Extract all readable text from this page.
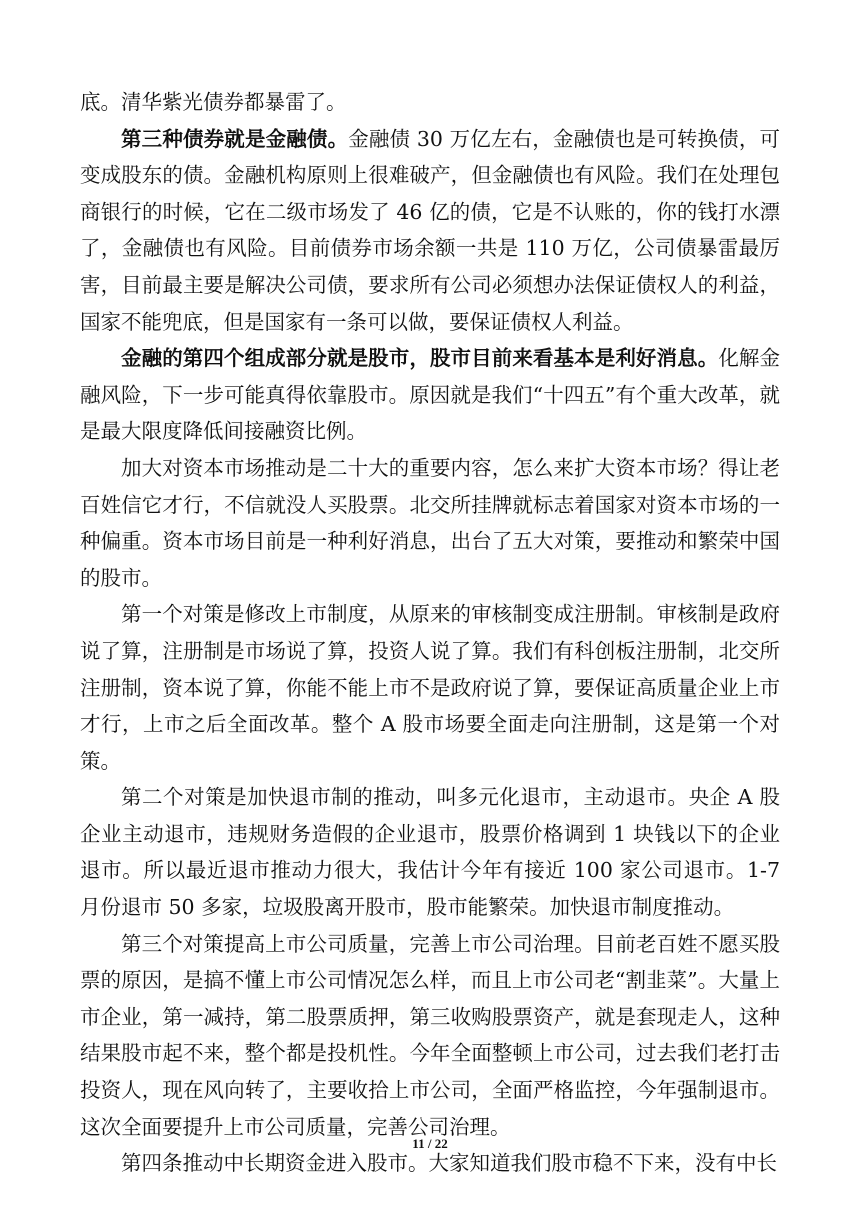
底。清华紫光债券都暴雷了。

第三种债券就是金融债。金融债 30 万亿左右，金融债也是可转换债，可变成股东的债。金融机构原则上很难破产，但金融债也有风险。我们在处理包商银行的时候，它在二级市场发了 46 亿的债，它是不认账的，你的钱打水漂了，金融债也有风险。目前债券市场余额一共是 110 万亿，公司债暴雷最厉害，目前最主要是解决公司债，要求所有公司必须想办法保证债权人的利益，国家不能兜底，但是国家有一条可以做，要保证债权人利益。

金融的第四个组成部分就是股市，股市目前来看基本是利好消息。化解金融风险，下一步可能真得依靠股市。原因就是我们“十四五”有个重大改革，就是最大限度降低间接融资比例。

加大对资本市场推动是二十大的重要内容，怎么来扩大资本市场？得让老百姓信它才行，不信就没人买股票。北交所挂牌就标志着国家对资本市场的一种偏重。资本市场目前是一种利好消息，出台了五大对策，要推动和繁荣中国的股市。

第一个对策是修改上市制度，从原来的审核制变成注册制。审核制是政府说了算，注册制是市场说了算，投资人说了算。我们有科创板注册制，北交所注册制，资本说了算，你能不能上市不是政府说了算，要保证高质量企业上市才行，上市之后全面改革。整个 A 股市场要全面走向注册制，这是第一个对策。

第二个对策是加快退市制的推动，叫多元化退市，主动退市。央企 A 股企业主动退市，违规财务造假的企业退市，股票价格调到 1 块钱以下的企业退市。所以最近退市推动力很大，我估计今年有接近 100 家公司退市。1-7 月份退市 50 多家，垃圾股离开股市，股市能繁荣。加快退市制度推动。

第三个对策提高上市公司质量，完善上市公司治理。目前老百姓不愿买股票的原因，是搞不懂上市公司情况怎么样，而且上市公司老“割韭菜”。大量上市企业，第一减持，第二股票质押，第三收购股票资产，就是套现走人，这种结果股市起不来，整个都是投机性。今年全面整顿上市公司，过去我们老打击投资人，现在风向转了，主要收拾上市公司，全面严格监控，今年强制退市。这次全面要提升上市公司质量，完善公司治理。

第四条推动中长期资金进入股市。大家知道我们股市稳不下来，没有中长

11 / 22
